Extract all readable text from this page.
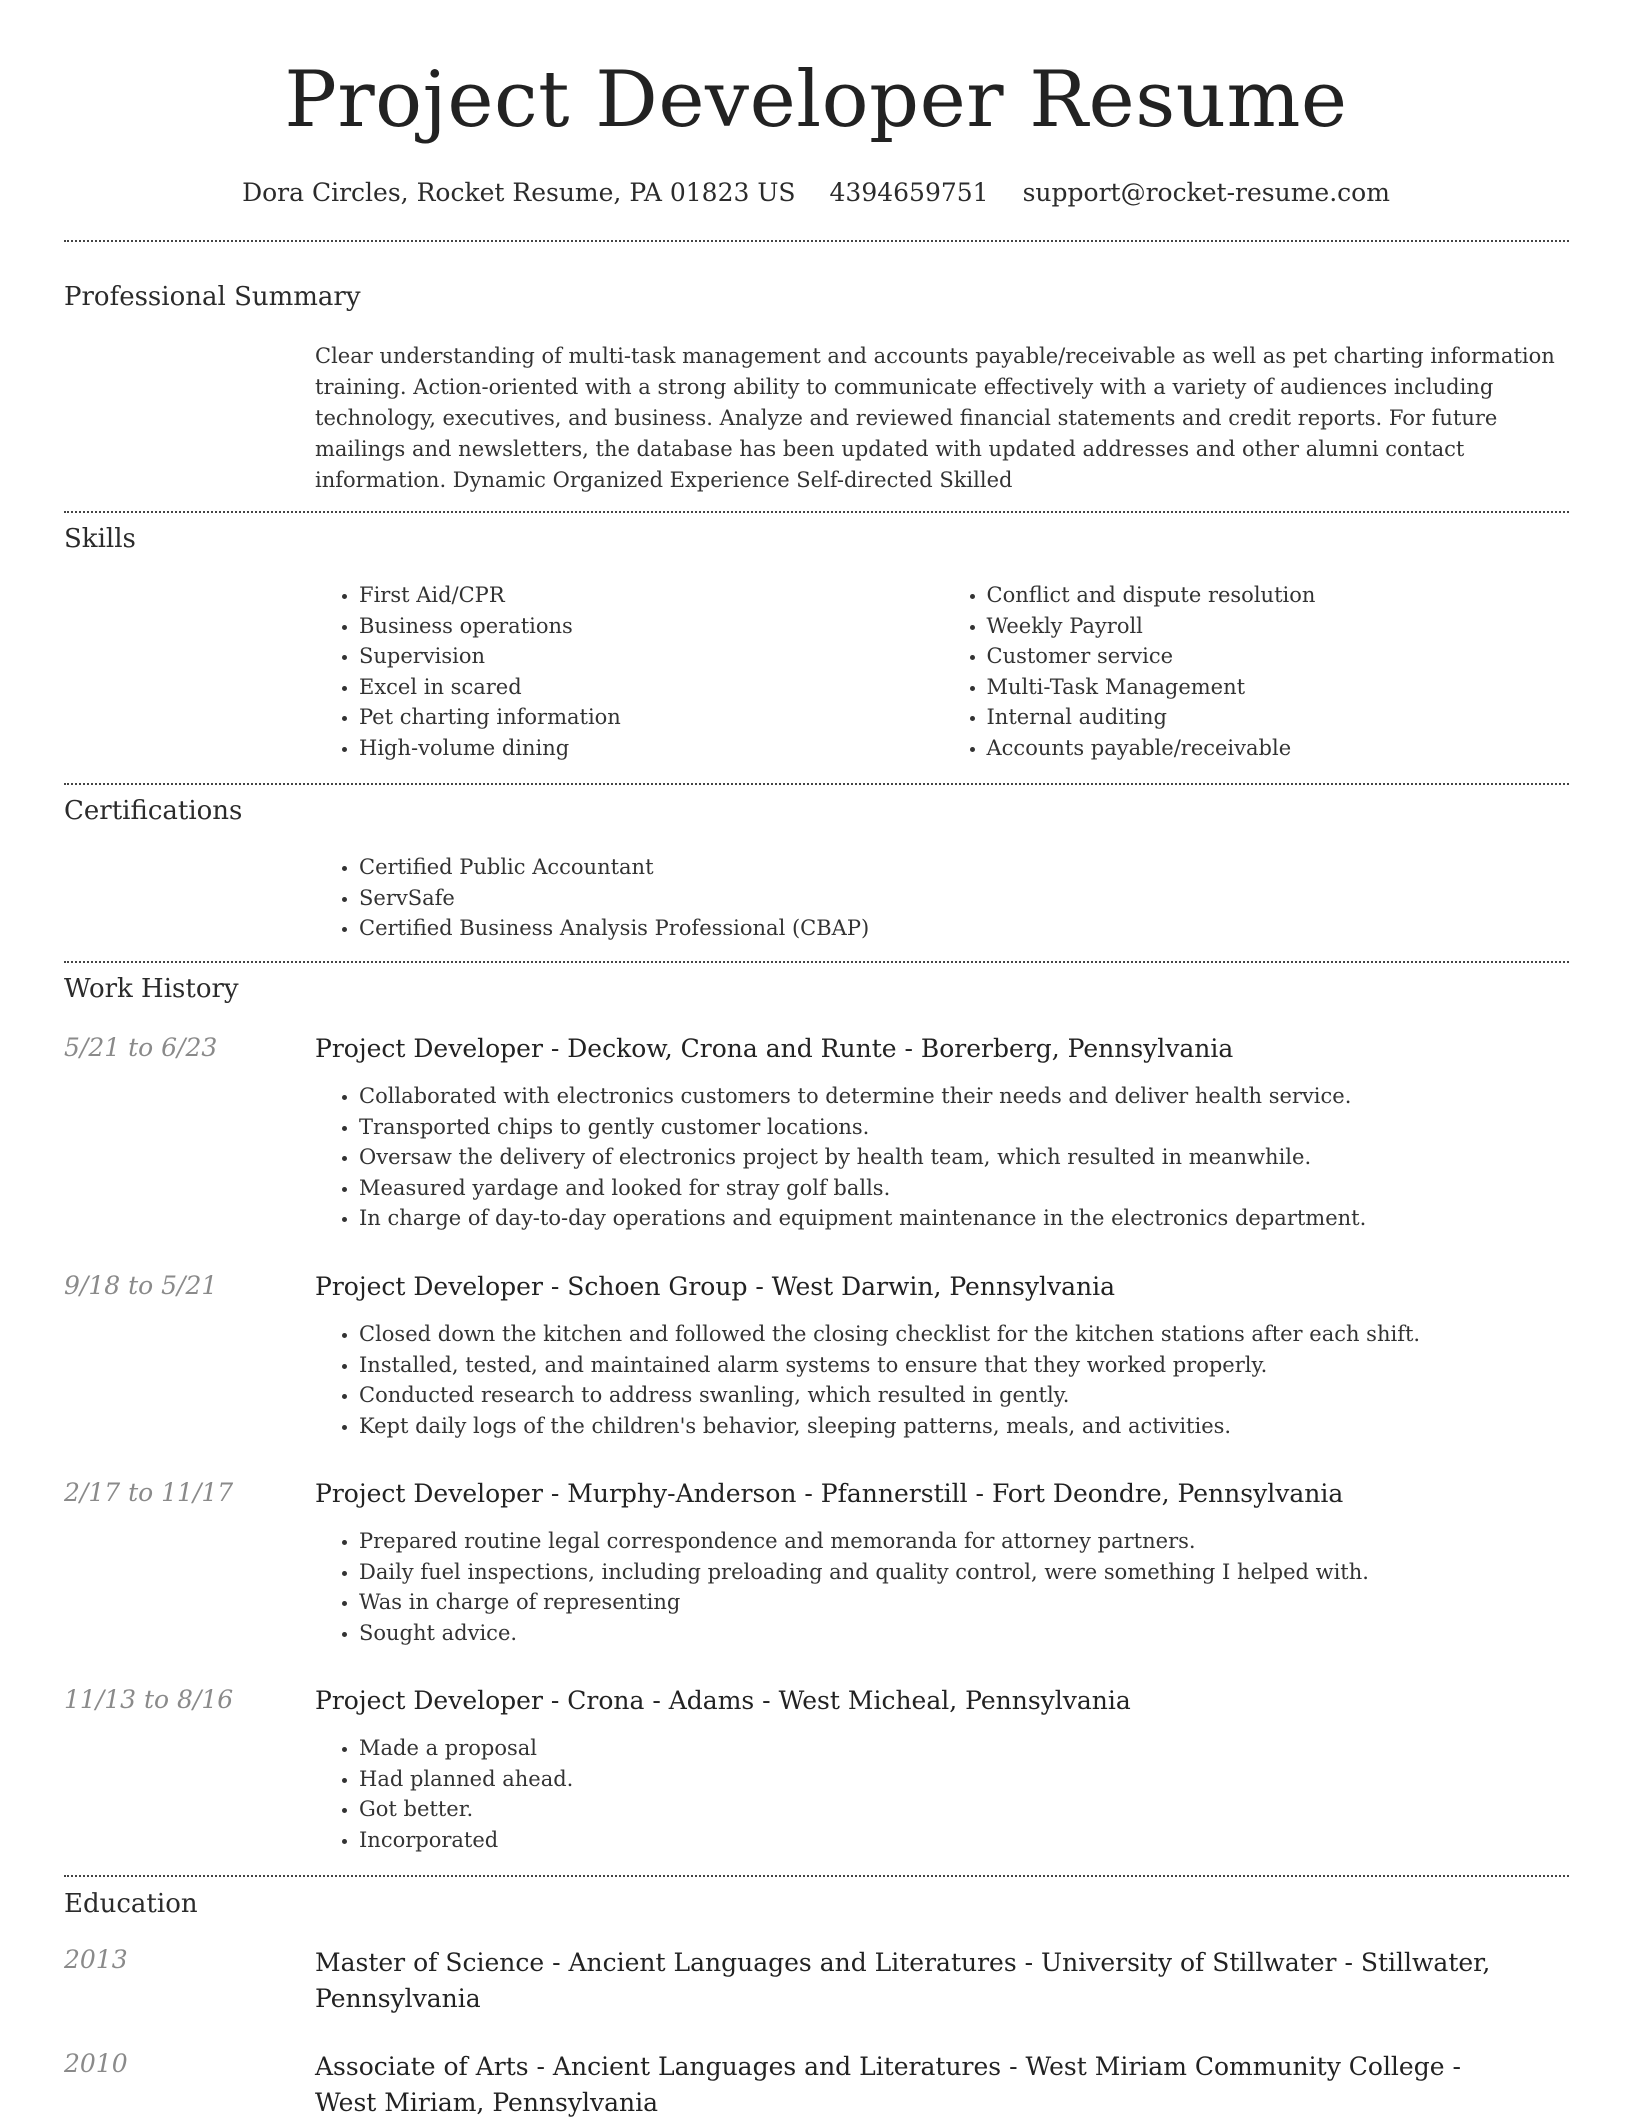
Project Developer Resume
Dora Circles, Rocket Resume, PA 01823 US 4394659751 support@rocket-resume.com
Professional Summary

Clear understanding of multi-task management and accounts payable/receivable as well as pet charting information training. Action-oriented with a strong ability to communicate effectively with a variety of audiences including technology, executives, and business. Analyze and reviewed financial statements and credit reports. For future mailings and newsletters, the database has been updated with updated addresses and other alumni contact information. Dynamic Organized Experience Self-directed Skilled

Skills
• First Aid/CPR
• Business operations
• Supervision
• Excel in scared
• Pet charting information
• High-volume dining
• Conflict and dispute resolution
• Weekly Payroll
• Customer service
• Multi-Task Management
• Internal auditing
• Accounts payable/receivable
Certifications
• Certified Public Accountant
• ServSafe
• Certified Business Analysis Professional (CBAP)
Work History
5/21 to 6/23	Project Developer - Deckow, Crona and Runte - Borerberg, Pennsylvania
• Collaborated with electronics customers to determine their needs and deliver health service.
• Transported chips to gently customer locations.
• Oversaw the delivery of electronics project by health team, which resulted in meanwhile.
• Measured yardage and looked for stray golf balls.
• In charge of day-to-day operations and equipment maintenance in the electronics department.
9/18 to 5/21	Project Developer - Schoen Group - West Darwin, Pennsylvania
• Closed down the kitchen and followed the closing checklist for the kitchen stations after each shift.
• Installed, tested, and maintained alarm systems to ensure that they worked properly.
• Conducted research to address swanling, which resulted in gently.
• Kept daily logs of the children's behavior, sleeping patterns, meals, and activities.
2/17 to 11/17	Project Developer - Murphy-Anderson - Pfannerstill - Fort Deondre, Pennsylvania
• Prepared routine legal correspondence and memoranda for attorney partners.
• Daily fuel inspections, including preloading and quality control, were something I helped with.
• Was in charge of representing
• Sought advice.
11/13 to 8/16	Project Developer - Crona - Adams - West Micheal, Pennsylvania
• Made a proposal
• Had planned ahead.
• Got better.
• Incorporated
Education
2013	Master of Science - Ancient Languages and Literatures - University of Stillwater - Stillwater, Pennsylvania
2010	Associate of Arts - Ancient Languages and Literatures - West Miriam Community College - West Miriam, Pennsylvania
